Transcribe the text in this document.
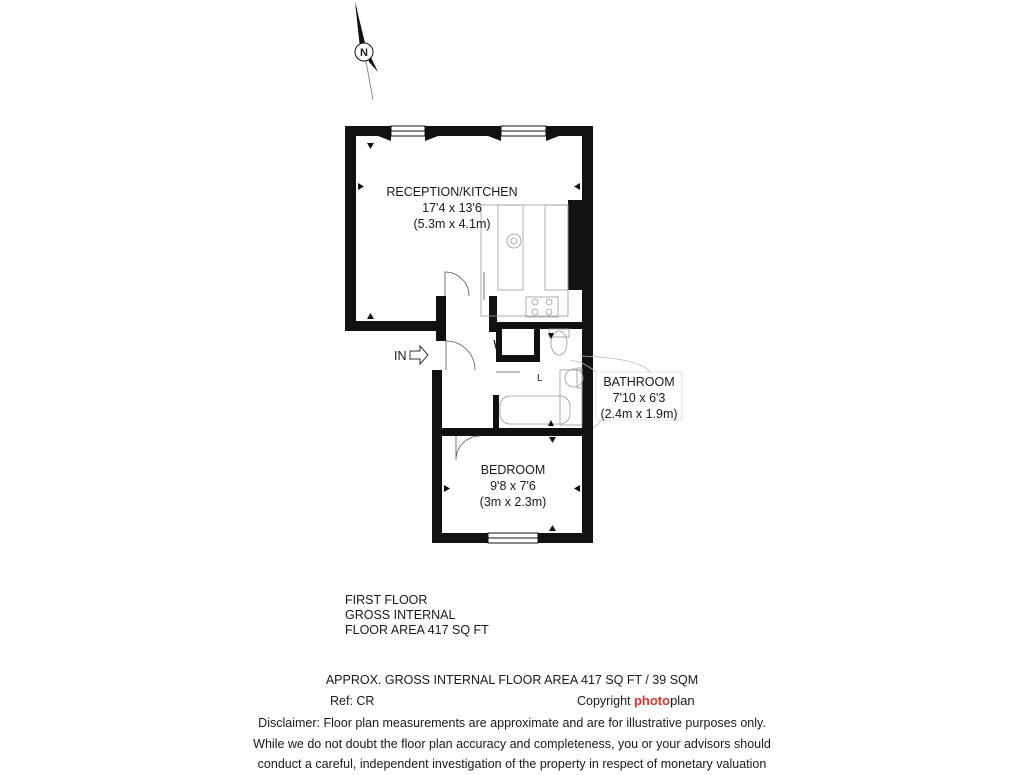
N
IN
L
RECEPTION/KITCHEN
17'4 x 13'6
(5.3m x 4.1m)
BATHROOM
7'10 x 6'3
(2.4m x 1.9m)
BEDROOM
9'8 x 7'6
(3m x 2.3m)
FIRST FLOOR
GROSS INTERNAL
FLOOR AREA 417 SQ FT
APPROX. GROSS INTERNAL FLOOR AREA 417 SQ FT / 39 SQM
Ref: CR	Copyright photoplan
Disclaimer: Floor plan measurements are approximate and are for illustrative purposes only.
While we do not doubt the floor plan accuracy and completeness, you or your advisors should
conduct a careful, independent investigation of the property in respect of monetary valuation
